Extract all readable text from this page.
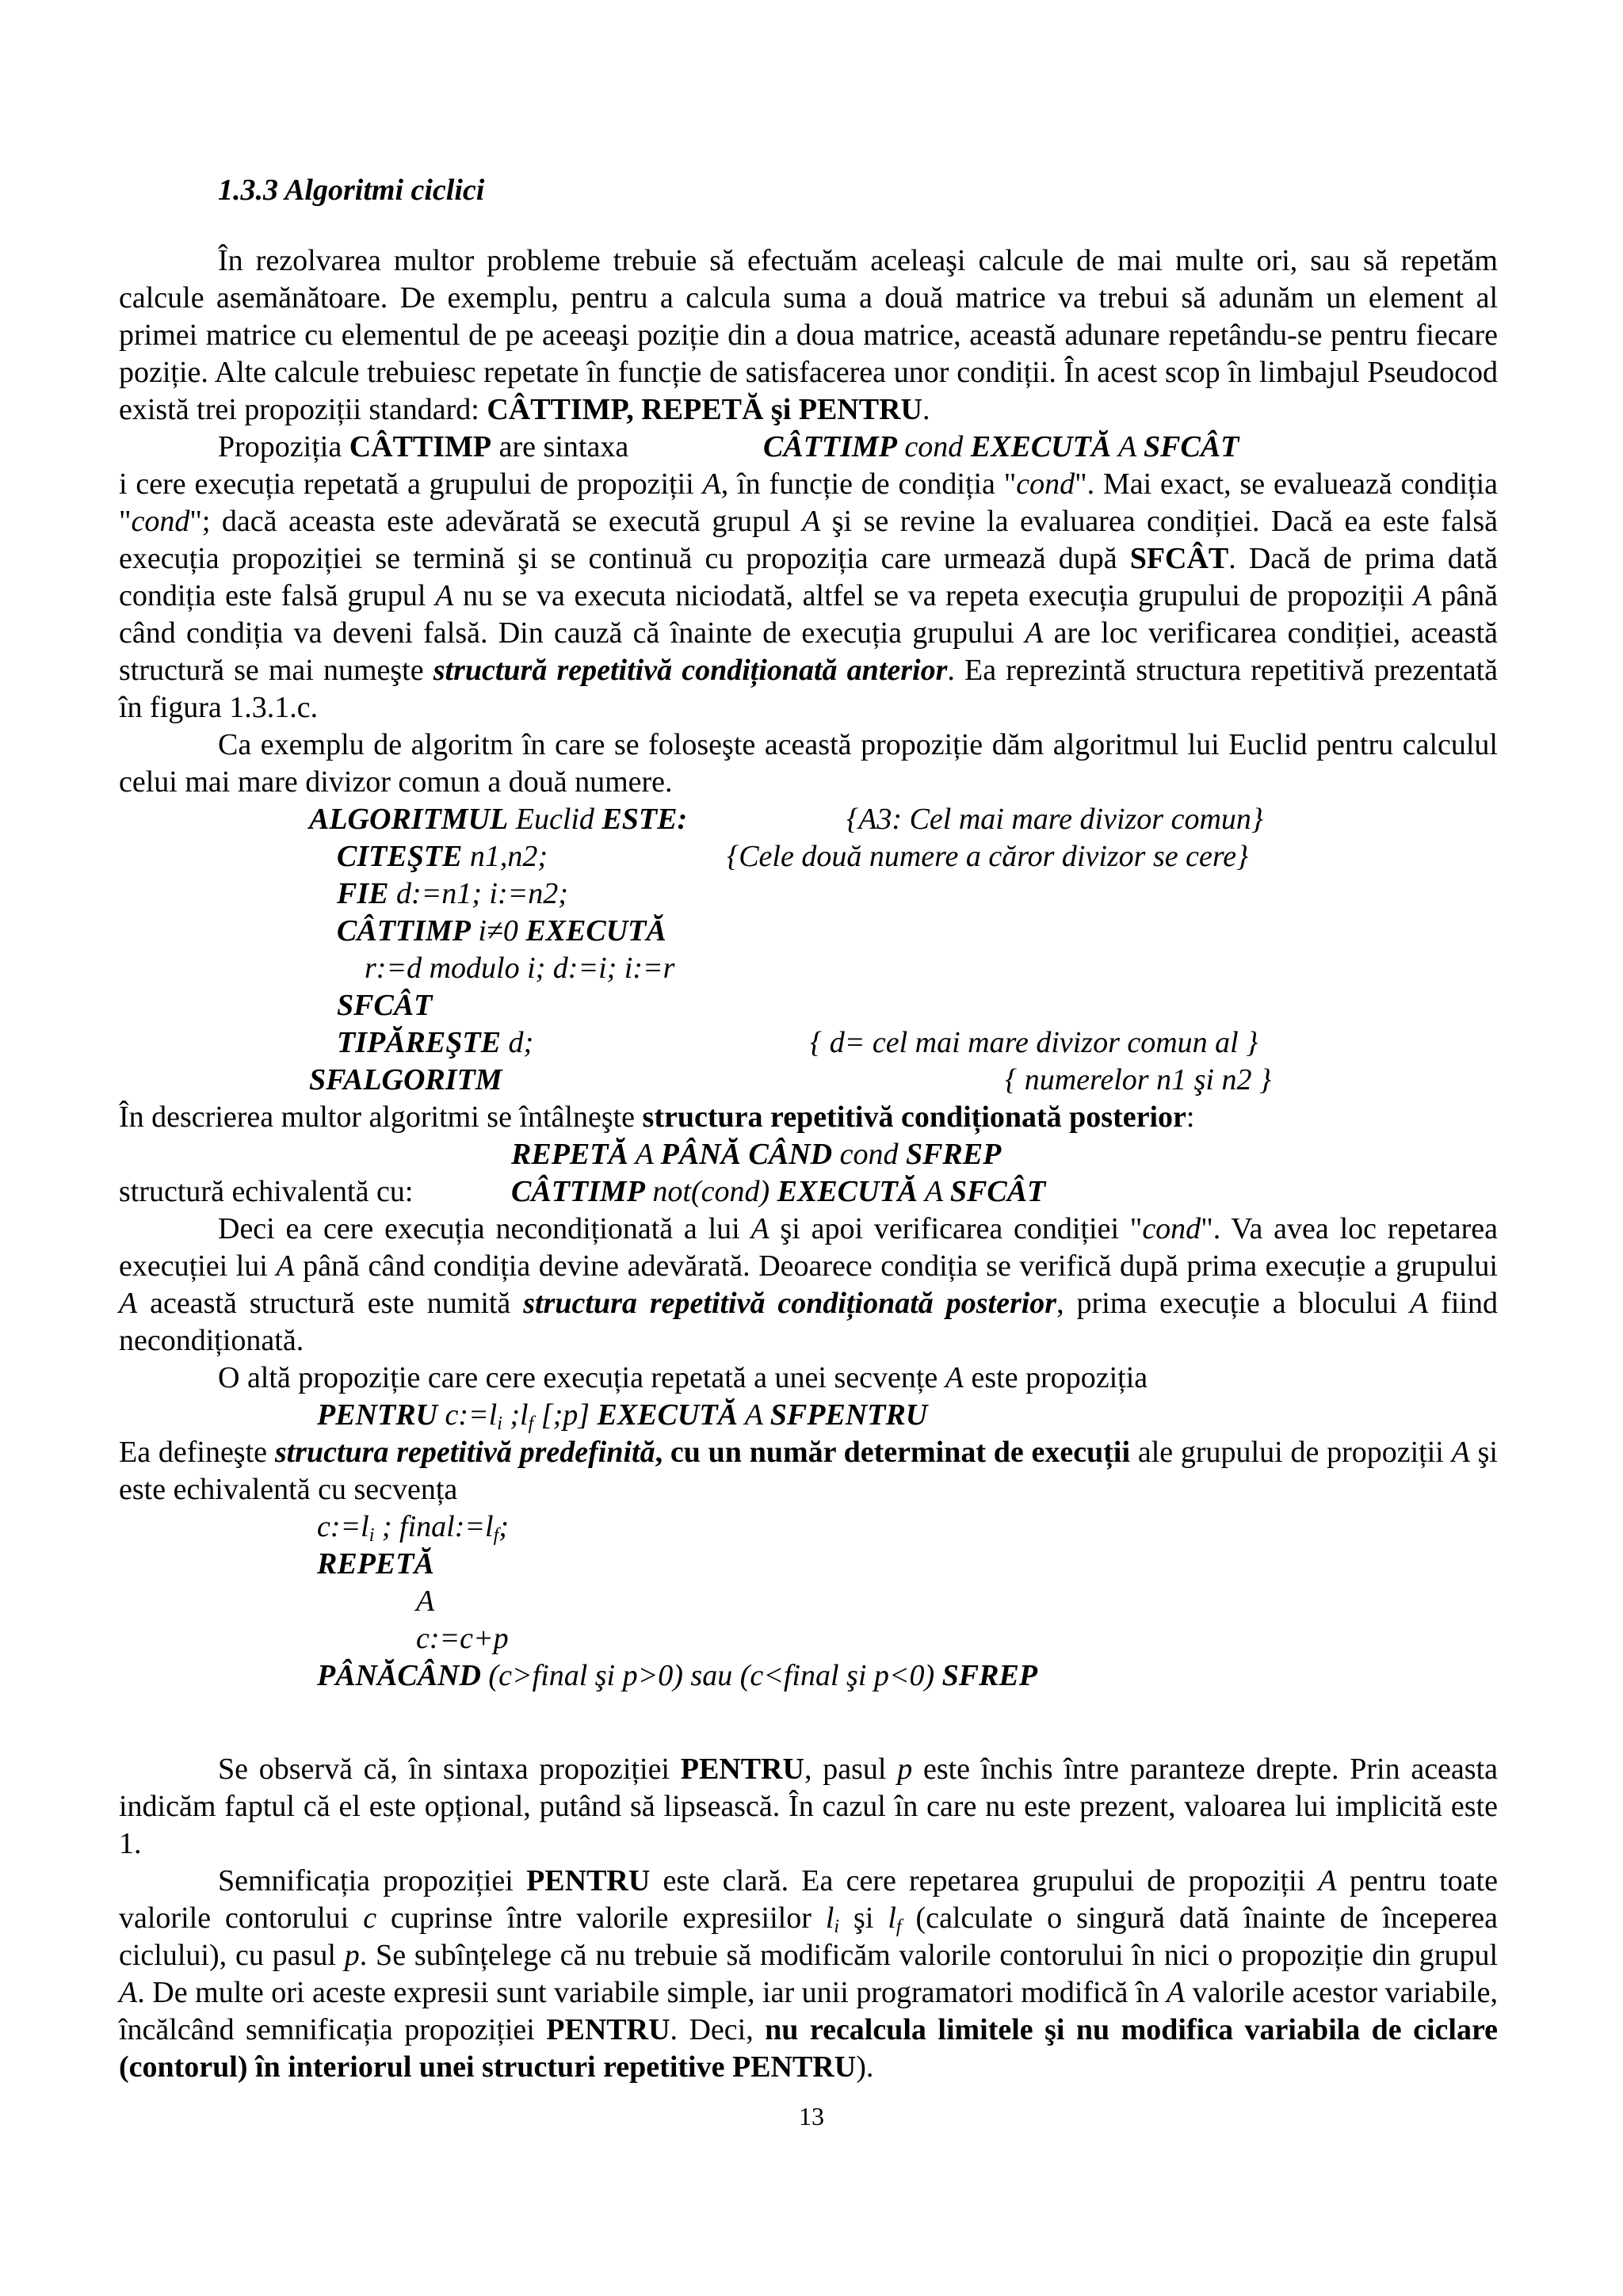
1.3.3 Algoritmi ciclici

În rezolvarea multor probleme trebuie să efectuăm aceleaşi calcule de mai multe ori, sau să repetăm calcule asemănătoare. De exemplu, pentru a calcula suma a două matrice va trebui să adunăm un element al primei matrice cu elementul de pe aceeaşi poziție din a doua matrice, această adunare repetându-se pentru fiecare poziție. Alte calcule trebuiesc repetate în funcție de satisfacerea unor condiții. În acest scop în limbajul Pseudocod există trei propoziții standard: CÂTTIMP, REPETĂ şi PENTRU.

Propoziția CÂTTIMP are sintaxa	CÂTTIMP cond EXECUTĂ A SFCÂT

i cere execuția repetată a grupului de propoziții A, în funcție de condiția "cond". Mai exact, se evaluează condiția "cond"; dacă aceasta este adevărată se execută grupul A şi se revine la evaluarea condiției. Dacă ea este falsă execuția propoziției se termină şi se continuă cu propoziția care urmează după SFCÂT. Dacă de prima dată condiția este falsă grupul A nu se va executa niciodată, altfel se va repeta execuția grupului de propoziții A până când condiția va deveni falsă. Din cauză că înainte de execuția grupului A are loc verificarea condiției, această structură se mai numeşte structură repetitivă condiționată anterior. Ea reprezintă structura repetitivă prezentată în figura 1.3.1.c.

Ca exemplu de algoritm în care se foloseşte această propoziție dăm algoritmul lui Euclid pentru calculul celui mai mare divizor comun a două numere.

ALGORITMUL Euclid ESTE:	{A3: Cel mai mare divizor comun}
CITEŞTE n1,n2;	{Cele două numere a căror divizor se cere}
FIE d:=n1; i:=n2;
CÂTTIMP i≠0 EXECUTĂ
r:=d modulo i; d:=i; i:=r
SFCÂT
TIPĂREŞTE d;	{ d= cel mai mare divizor comun al }
SFALGORITM	{ numerelor n1 şi n2 }
În descrierea multor algoritmi se întâlneşte structura repetitivă condiționată posterior:
REPETĂ A PÂNĂ CÂND cond SFREP
structură echivalentă cu:	CÂTTIMP not(cond) EXECUTĂ A SFCÂT

Deci ea cere execuția necondiționată a lui A şi apoi verificarea condiției "cond". Va avea loc repetarea execuției lui A până când condiția devine adevărată. Deoarece condiția se verifică după prima execuție a grupului A această structură este numită structura repetitivă condiționată posterior, prima execuție a blocului A fiind necondiționată.

O altă propoziție care cere execuția repetată a unei secvențe A este propoziția
PENTRU $c:=l_i$ $;l_f$ [;p] EXECUTĂ A SFPENTRU

Ea defineşte structura repetitivă predefinită, cu un număr determinat de execuții ale grupului de propoziții A şi este echivalentă cu secvența

$c:=l_i$ ; $final:=l_f$;
REPETĂ
A
c:=c+p
PÂNĂCÂND (c>final şi p>0) sau (c<final şi p<0) SFREP

Se observă că, în sintaxa propoziției PENTRU, pasul p este închis între paranteze drepte. Prin aceasta indicăm faptul că el este opțional, putând să lipsească. În cazul în care nu este prezent, valoarea lui implicită este 1.

Semnificația propoziției PENTRU este clară. Ea cere repetarea grupului de propoziții A pentru toate valorile contorului c cuprinse între valorile expresiilor $l_i$ şi $l_f$ (calculate o singură dată înainte de începerea ciclului), cu pasul p. Se subînțelege că nu trebuie să modificăm valorile contorului în nici o propoziție din grupul A. De multe ori aceste expresii sunt variabile simple, iar unii programatori modifică în A valorile acestor variabile, încălcând semnificația propoziției PENTRU. Deci, nu recalcula limitele şi nu modifica variabila de ciclare (contorul) în interiorul unei structuri repetitive PENTRU).

13
